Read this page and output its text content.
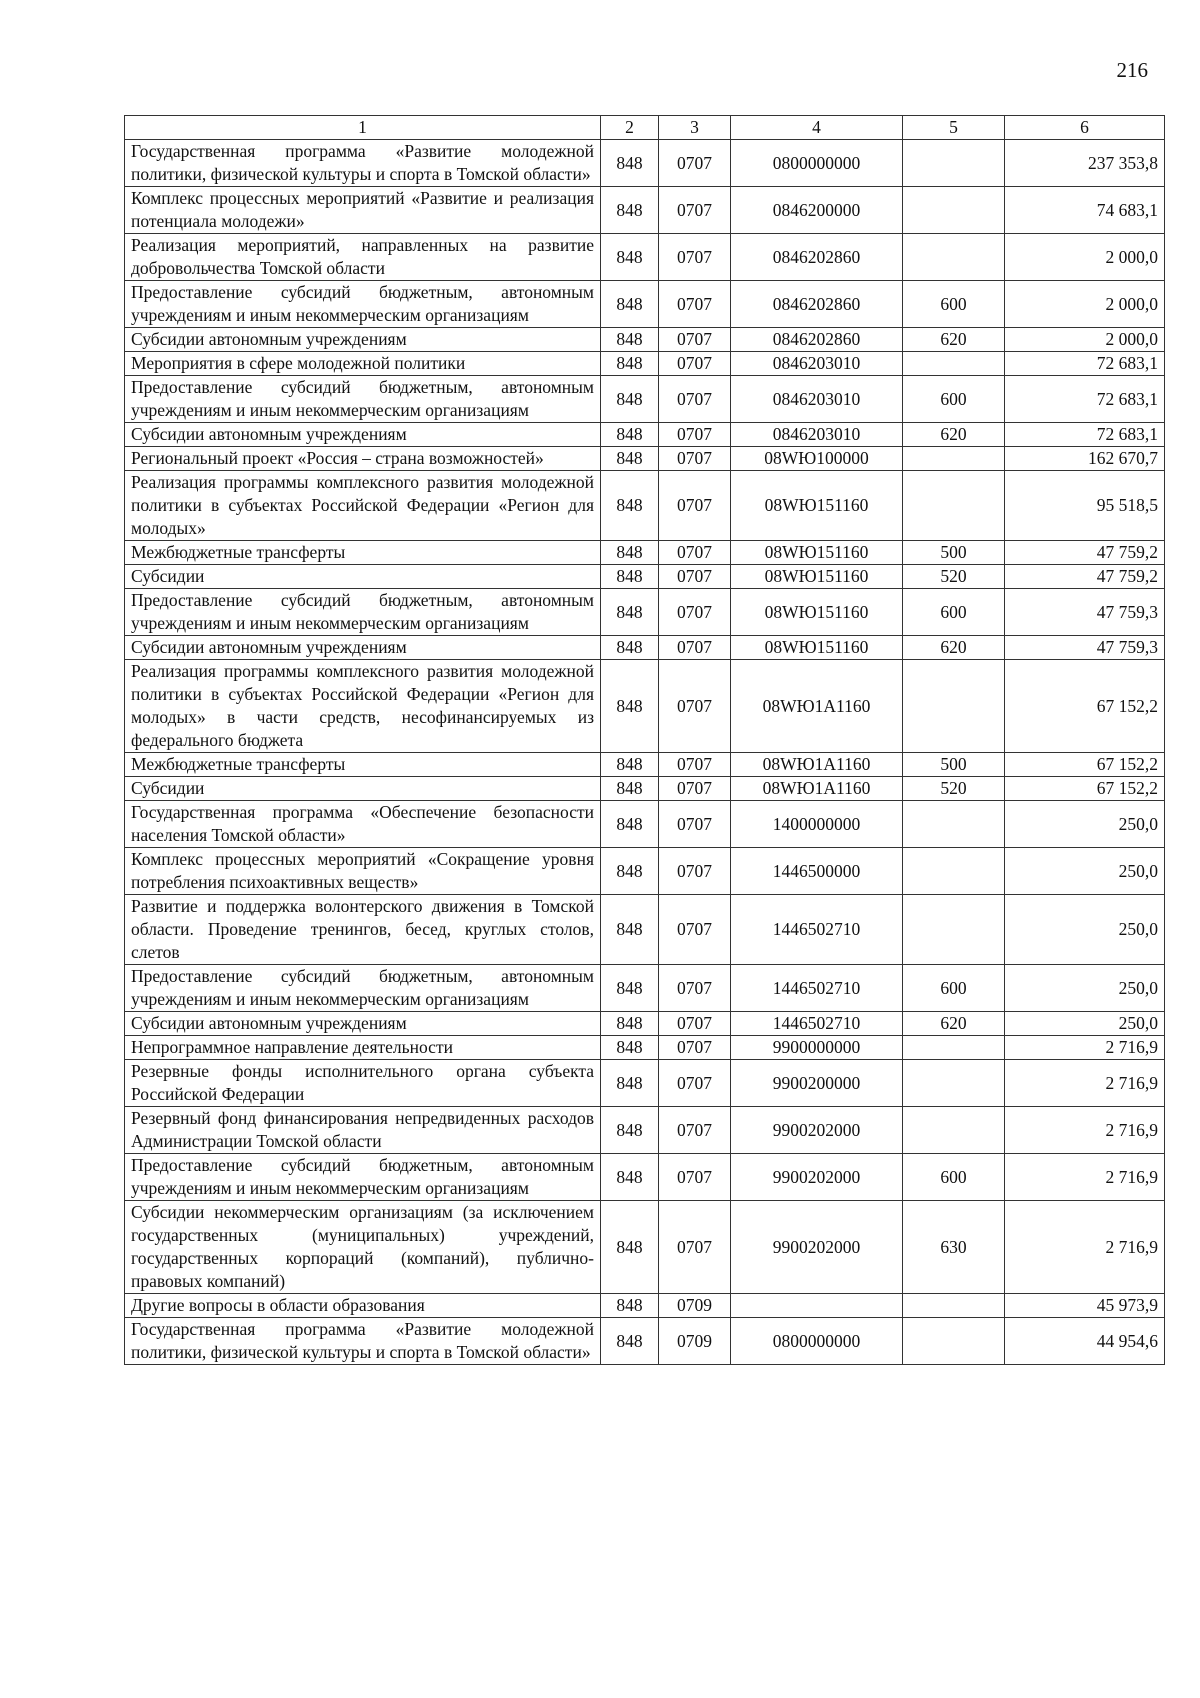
216
1	2	3	4	5	6
Государственная программа «Развитие молодежной политики, физической культуры и спорта в Томской области»	848	0707	0800000000		237 353,8
Комплекс процессных мероприятий «Развитие и реализация потенциала молодежи»	848	0707	0846200000		74 683,1
Реализация мероприятий, направленных на развитие добровольчества Томской области	848	0707	0846202860		2 000,0
Предоставление субсидий бюджетным, автономным учреждениям и иным некоммерческим организациям	848	0707	0846202860	600	2 000,0
Субсидии автономным учреждениям	848	0707	0846202860	620	2 000,0
Мероприятия в сфере молодежной политики	848	0707	0846203010		72 683,1
Предоставление субсидий бюджетным, автономным учреждениям и иным некоммерческим организациям	848	0707	0846203010	600	72 683,1
Субсидии автономным учреждениям	848	0707	0846203010	620	72 683,1
Региональный проект «Россия – страна возможностей»	848	0707	08WЮ100000		162 670,7
Реализация программы комплексного развития молодежной политики в субъектах Российской Федерации «Регион для молодых»	848	0707	08WЮ151160		95 518,5
Межбюджетные трансферты	848	0707	08WЮ151160	500	47 759,2
Субсидии	848	0707	08WЮ151160	520	47 759,2
Предоставление субсидий бюджетным, автономным учреждениям и иным некоммерческим организациям	848	0707	08WЮ151160	600	47 759,3
Субсидии автономным учреждениям	848	0707	08WЮ151160	620	47 759,3
Реализация программы комплексного развития молодежной политики в субъектах Российской Федерации «Регион для молодых» в части средств, несофинансируемых из федерального бюджета	848	0707	08WЮ1А1160		67 152,2
Межбюджетные трансферты	848	0707	08WЮ1А1160	500	67 152,2
Субсидии	848	0707	08WЮ1А1160	520	67 152,2
Государственная программа «Обеспечение безопасности населения Томской области»	848	0707	1400000000		250,0
Комплекс процессных мероприятий «Сокращение уровня потребления психоактивных веществ»	848	0707	1446500000		250,0
Развитие и поддержка волонтерского движения в Томской области. Проведение тренингов, бесед, круглых столов, слетов	848	0707	1446502710		250,0
Предоставление субсидий бюджетным, автономным учреждениям и иным некоммерческим организациям	848	0707	1446502710	600	250,0
Субсидии автономным учреждениям	848	0707	1446502710	620	250,0
Непрограммное направление деятельности	848	0707	9900000000		2 716,9
Резервные фонды исполнительного органа субъекта Российской Федерации	848	0707	9900200000		2 716,9
Резервный фонд финансирования непредвиденных расходов Администрации Томской области	848	0707	9900202000		2 716,9
Предоставление субсидий бюджетным, автономным учреждениям и иным некоммерческим организациям	848	0707	9900202000	600	2 716,9
Субсидии некоммерческим организациям (за исключением государственных (муниципальных) учреждений, государственных корпораций (компаний), публично-правовых компаний)	848	0707	9900202000	630	2 716,9
Другие вопросы в области образования	848	0709			45 973,9
Государственная программа «Развитие молодежной политики, физической культуры и спорта в Томской области»	848	0709	0800000000		44 954,6
